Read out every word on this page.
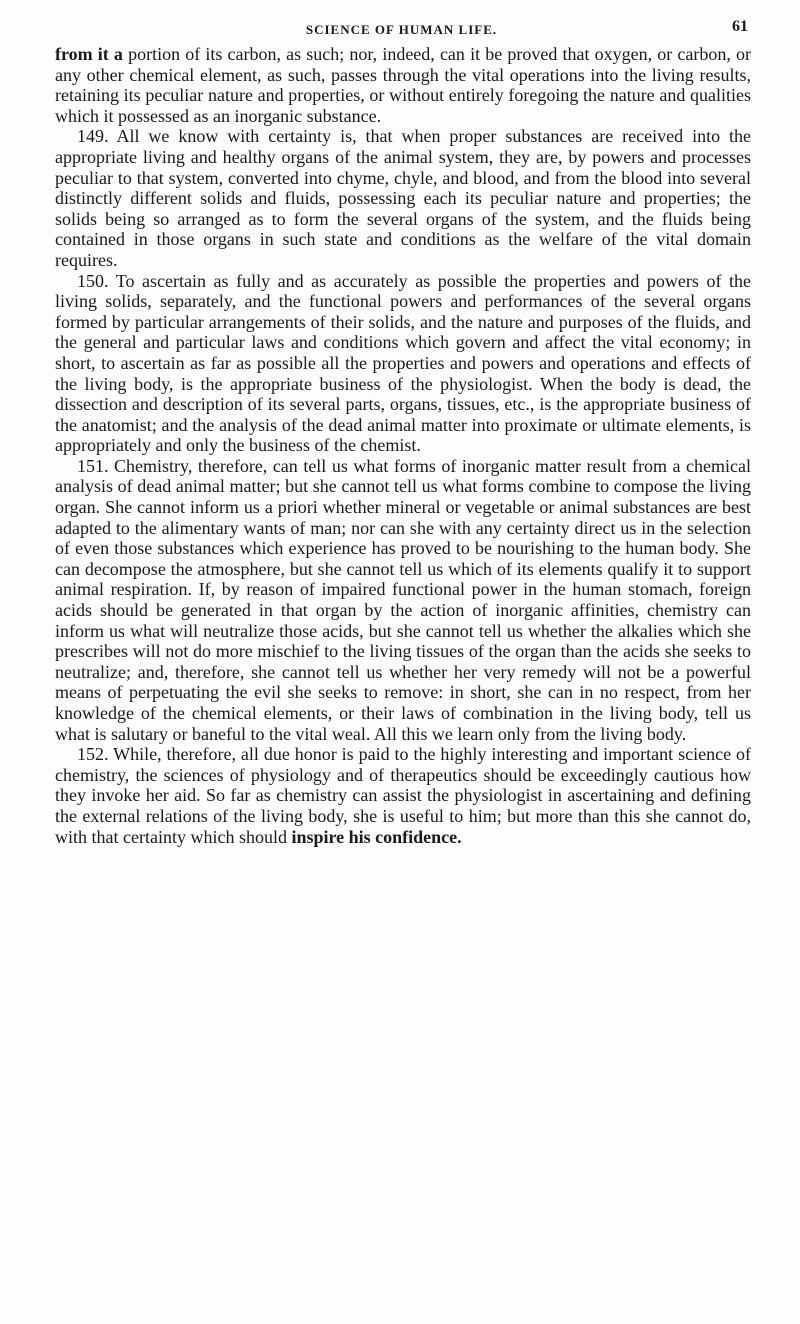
SCIENCE OF HUMAN LIFE.	61

from it a portion of its carbon, as such; nor, indeed, can it be proved that oxygen, or carbon, or any other chemical element, as such, passes through the vital operations into the living results, retaining its peculiar nature and properties, or without entirely foregoing the nature and qualities which it possessed as an inorganic substance.

149. All we know with certainty is, that when proper substances are received into the appropriate living and healthy organs of the animal system, they are, by powers and processes peculiar to that system, converted into chyme, chyle, and blood, and from the blood into several distinctly different solids and fluids, possessing each its peculiar nature and properties; the solids being so arranged as to form the several organs of the system, and the fluids being contained in those organs in such state and conditions as the welfare of the vital domain requires.

150. To ascertain as fully and as accurately as possible the properties and powers of the living solids, separately, and the functional powers and performances of the several organs formed by particular arrangements of their solids, and the nature and purposes of the fluids, and the general and particular laws and conditions which govern and affect the vital economy; in short, to ascertain as far as possible all the properties and powers and operations and effects of the living body, is the appropriate business of the physiologist. When the body is dead, the dissection and description of its several parts, organs, tissues, etc., is the appropriate business of the anatomist; and the analysis of the dead animal matter into proximate or ultimate elements, is appropriately and only the business of the chemist.

151. Chemistry, therefore, can tell us what forms of inorganic matter result from a chemical analysis of dead animal matter; but she cannot tell us what forms combine to compose the living organ. She cannot inform us a priori whether mineral or vegetable or animal substances are best adapted to the alimentary wants of man; nor can she with any certainty direct us in the selection of even those substances which experience has proved to be nourishing to the human body. She can decompose the atmosphere, but she cannot tell us which of its elements qualify it to support animal respiration. If, by reason of impaired functional power in the human stomach, foreign acids should be generated in that organ by the action of inorganic affinities, chemistry can inform us what will neutralize those acids, but she cannot tell us whether the alkalies which she prescribes will not do more mischief to the living tissues of the organ than the acids she seeks to neutralize; and, therefore, she cannot tell us whether her very remedy will not be a powerful means of perpetuating the evil she seeks to remove: in short, she can in no respect, from her knowledge of the chemical elements, or their laws of combination in the living body, tell us what is salutary or baneful to the vital weal. All this we learn only from the living body.

152. While, therefore, all due honor is paid to the highly interesting and important science of chemistry, the sciences of physiology and of therapeutics should be exceedingly cautious how they invoke her aid. So far as chemistry can assist the physiologist in ascertaining and defining the external relations of the living body, she is useful to him; but more than this she cannot do, with that certainty which should inspire his confidence.
